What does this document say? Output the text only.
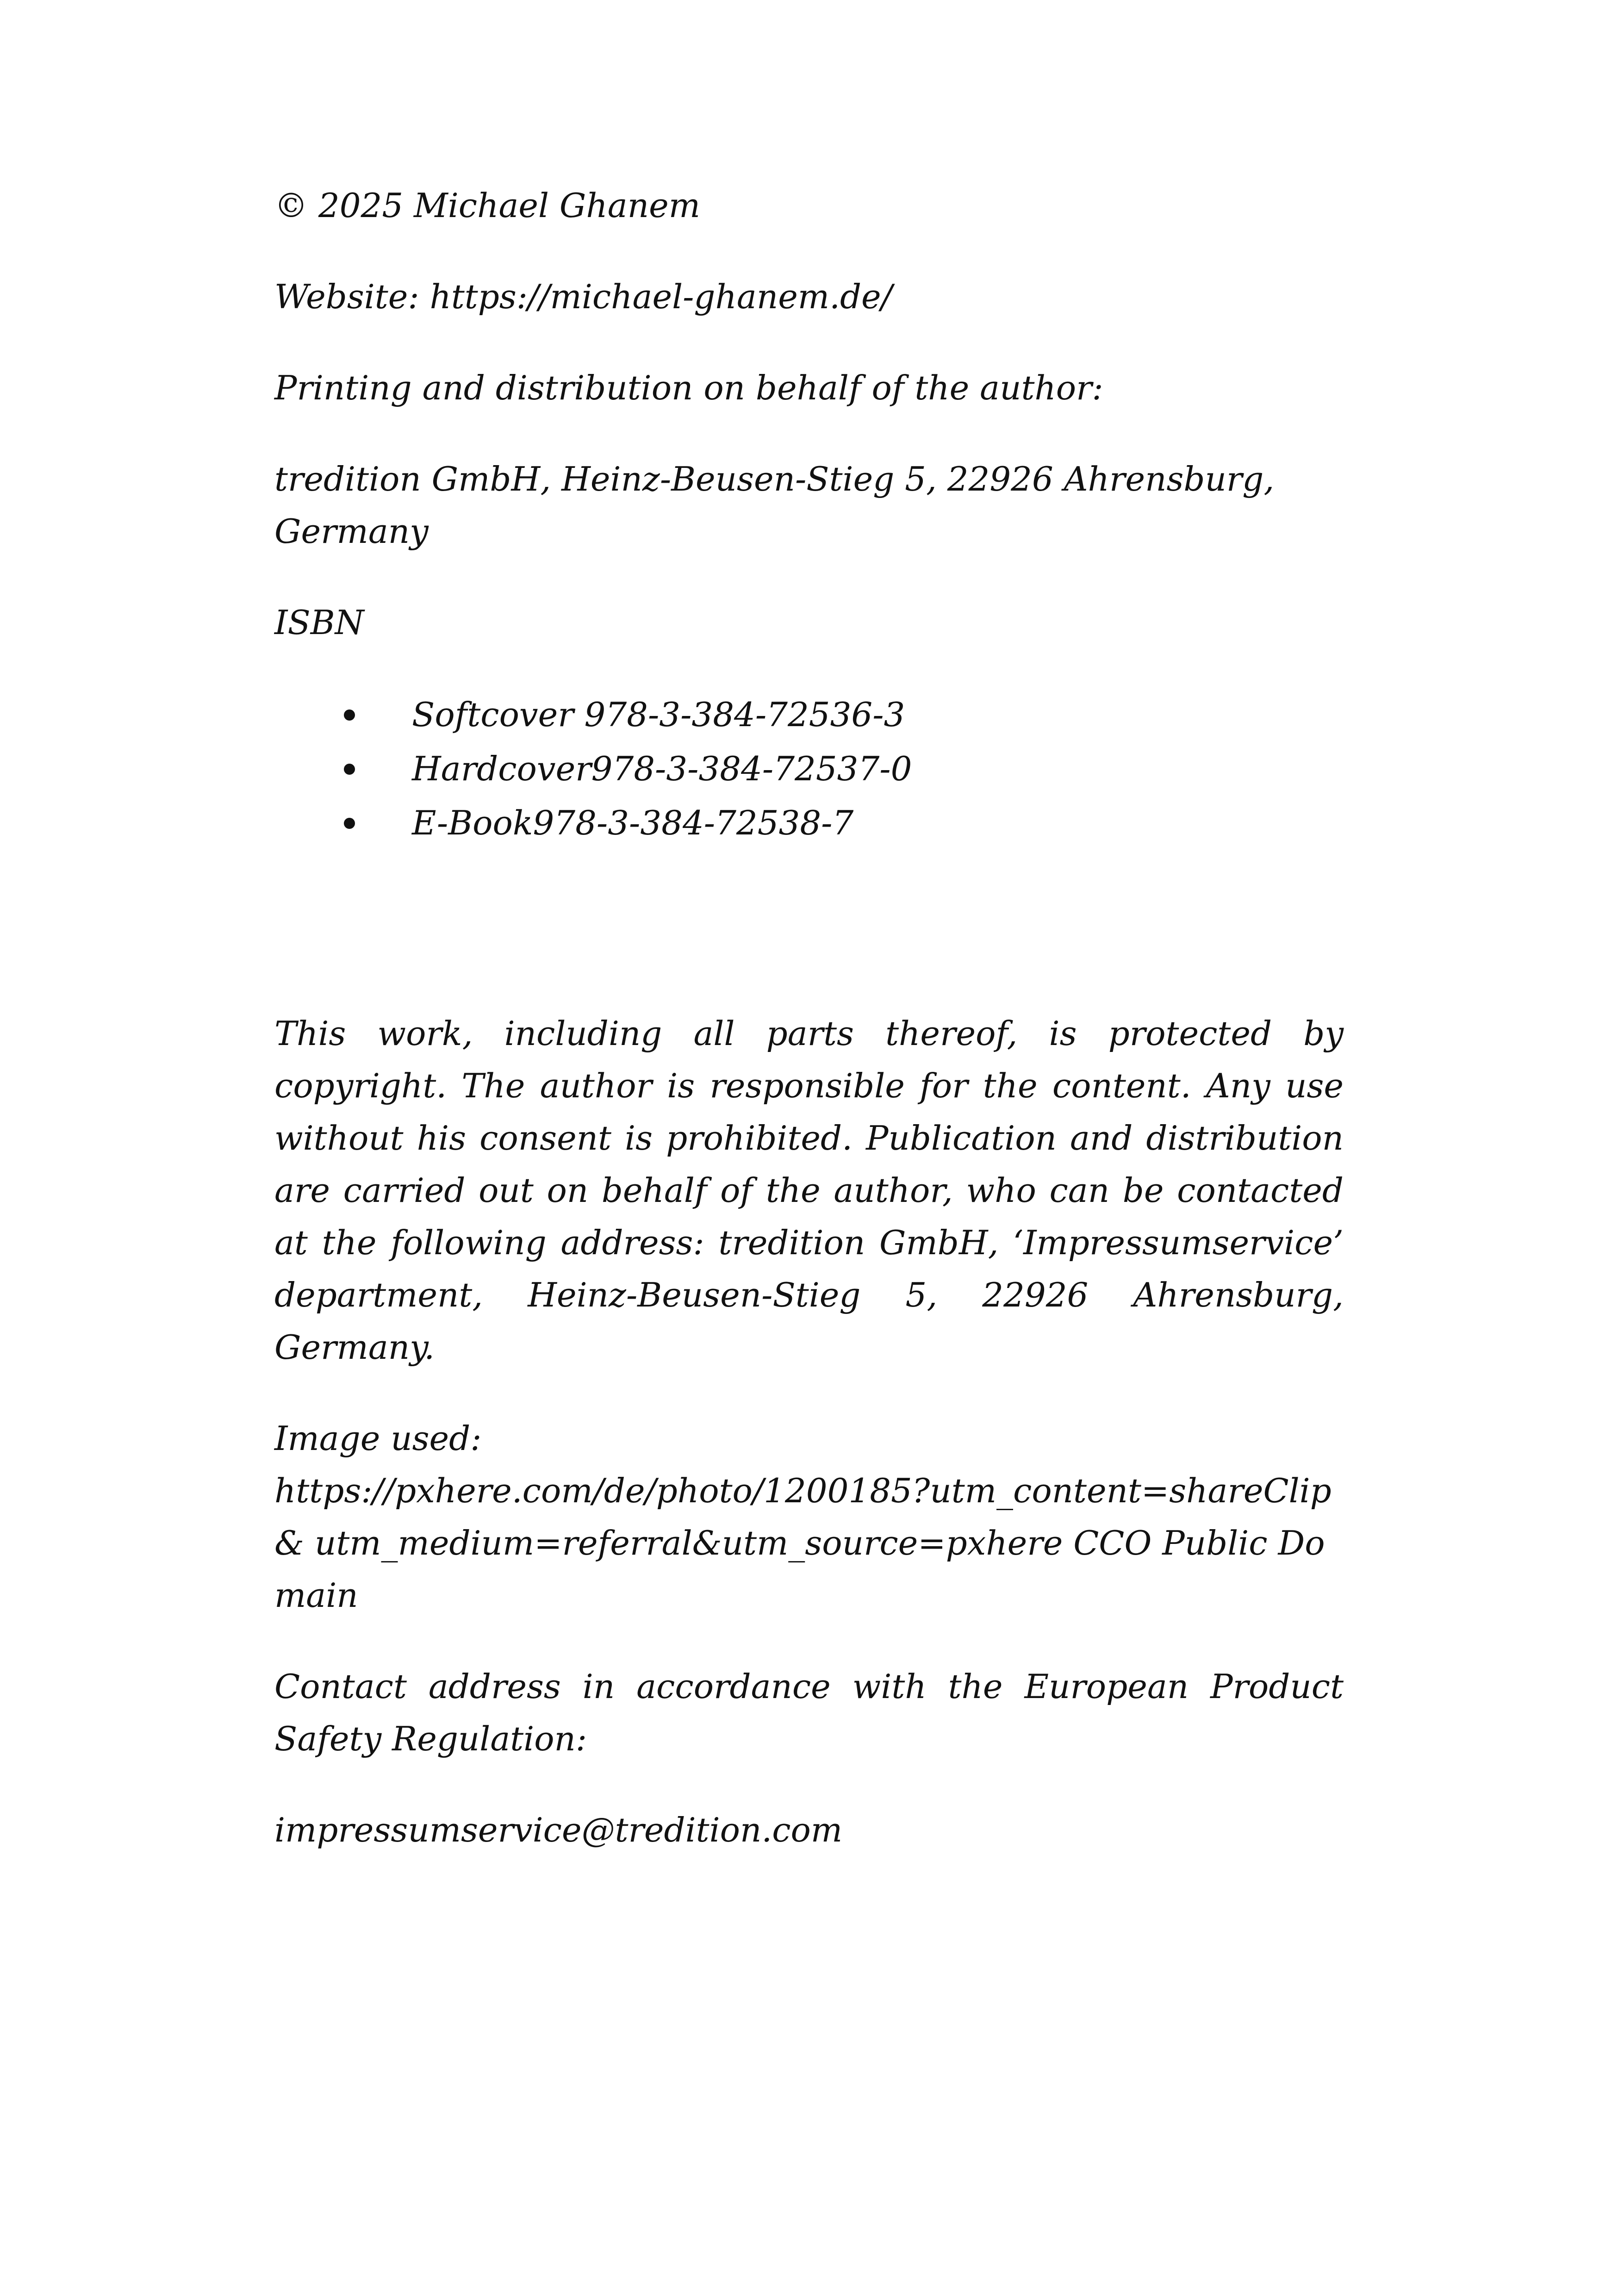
© 2025 Michael Ghanem

Website: https://michael-ghanem.de/

Printing and distribution on behalf of the author:

tredition GmbH, Heinz-Beusen-Stieg 5, 22926 Ahrensburg, Germany

ISBN

Softcover 978-3-384-72536-3
Hardcover978-3-384-72537-0
E-Book978-3-384-72538-7

This work, including all parts thereof, is protected by copyright. The author is responsible for the content. Any use without his consent is prohibited. Publication and distribution are carried out on behalf of the author, who can be contacted at the following address: tredition GmbH, ‘Impressumservice’ department, Heinz-Beusen-Stieg 5, 22926 Ahrensburg, Germany.

Image used:
https://pxhere.com/de/photo/1200185?utm_content=shareClip& utm_medium=referral&utm_source=pxhere CCO Public Domain

Contact address in accordance with the European Product Safety Regulation:

impressumservice@tredition.com
